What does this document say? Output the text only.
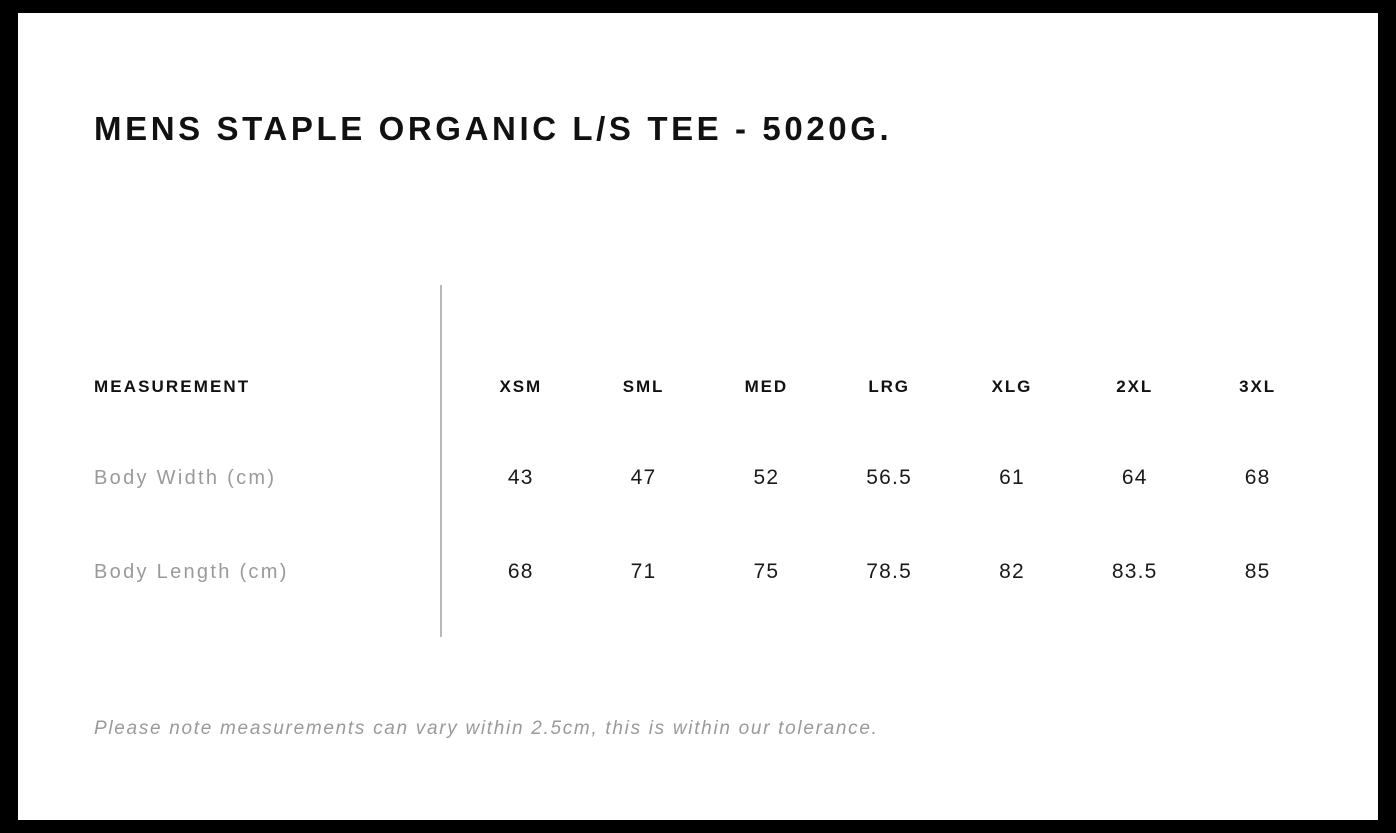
MENS STAPLE ORGANIC L/S TEE - 5020G.
MEASUREMENT	XSM	SML	MED	LRG	XLG	2XL	3XL
Body Width (cm)	43	47	52	56.5	61	64	68
Body Length (cm)	68	71	75	78.5	82	83.5	85
Please note measurements can vary within 2.5cm, this is within our tolerance.
